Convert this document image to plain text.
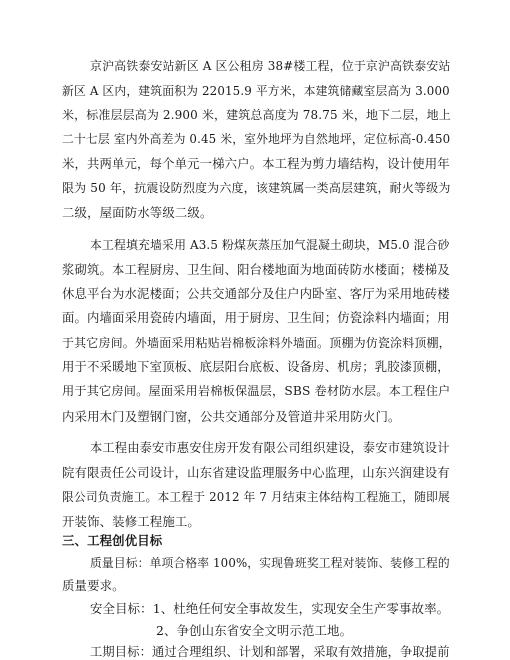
京沪高铁泰安站新区 A 区公租房 38#楼工程，位于京沪高铁泰安站
新区 A 区内，建筑面积为 22015.9 平方米，本建筑储藏室层高为 3.000
米，标准层层高为 2.900 米，建筑总高度为 78.75 米，地下二层，地上
二十七层 室内外高差为 0.45 米，室外地坪为自然地坪，定位标高-0.450
米，共两单元，每个单元一梯六户。本工程为剪力墙结构，设计使用年
限为 50 年，抗震设防烈度为六度，该建筑属一类高层建筑，耐火等级为
二级，屋面防水等级二级。
本工程填充墙采用 A3.5 粉煤灰蒸压加气混凝土砌块，M5.0 混合砂
浆砌筑。本工程厨房、卫生间、阳台楼地面为地面砖防水楼面；楼梯及
休息平台为水泥楼面；公共交通部分及住户内卧室、客厅为采用地砖楼
面。内墙面采用瓷砖内墙面，用于厨房、卫生间；仿瓷涂料内墙面；用
于其它房间。外墙面采用粘贴岩棉板涂料外墙面。顶棚为仿瓷涂料顶棚，
用于不采暖地下室顶板、底层阳台底板、设备房、机房；乳胶漆顶棚，
用于其它房间。屋面采用岩棉板保温层，SBS 卷材防水层。本工程住户
内采用木门及塑钢门窗，公共交通部分及管道井采用防火门。
本工程由泰安市惠安住房开发有限公司组织建设，泰安市建筑设计
院有限责任公司设计，山东省建设监理服务中心监理，山东兴润建设有
限公司负责施工。本工程于 2012 年 7 月结束主体结构工程施工，随即展
开装饰、装修工程施工。
三、工程创优目标
质量目标：单项合格率 100%，实现鲁班奖工程对装饰、装修工程的
质量要求。
安全目标：1、杜绝任何安全事故发生，实现安全生产零事故率。
2、争创山东省安全文明示范工地。
工期目标：通过合理组织、计划和部署，采取有效措施，争取提前
